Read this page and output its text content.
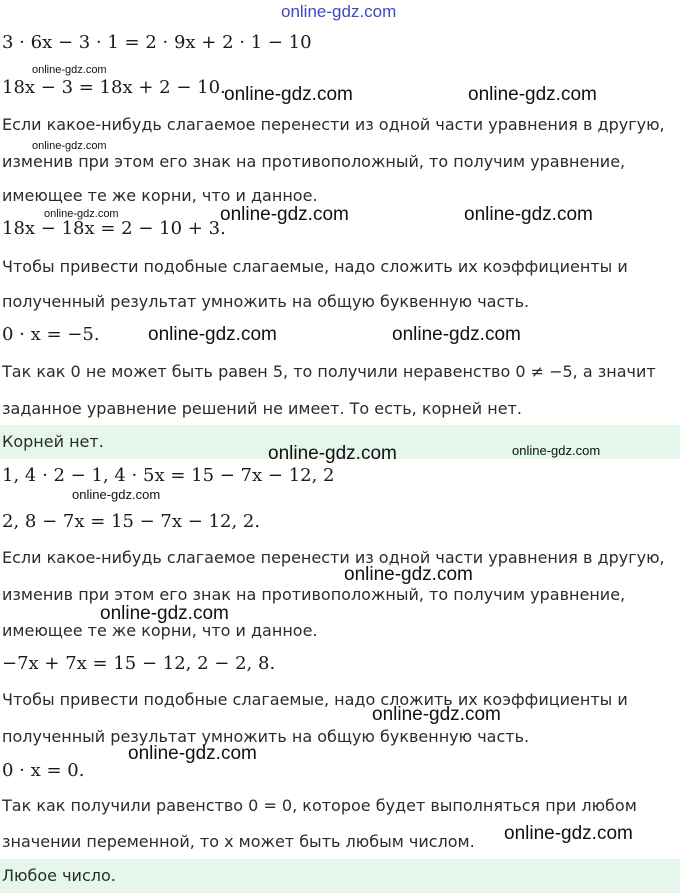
online-gdz.com
3 · 6x − 3 · 1 = 2 · 9x + 2 · 1 − 10
18x − 3 = 18x + 2 − 10.
Если какое-нибудь слагаемое перенести из одной части уравнения в другую,
изменив при этом его знак на противоположный, то получим уравнение,
имеющее те же корни, что и данное.
18x − 18x = 2 − 10 + 3.
Чтобы привести подобные слагаемые, надо сложить их коэффициенты и
полученный результат умножить на общую буквенную часть.
0 · x = −5.
Так как 0 не может быть равен 5, то получили неравенство 0 ≠ −5, а значит
заданное уравнение решений не имеет. То есть, корней нет.
Корней нет.
1, 4 · 2 − 1, 4 · 5x = 15 − 7x − 12, 2
2, 8 − 7x = 15 − 7x − 12, 2.
Если какое-нибудь слагаемое перенести из одной части уравнения в другую,
изменив при этом его знак на противоположный, то получим уравнение,
имеющее те же корни, что и данное.
−7x + 7x = 15 − 12, 2 − 2, 8.
Чтобы привести подобные слагаемые, надо сложить их коэффициенты и
полученный результат умножить на общую буквенную часть.
0 · x = 0.
Так как получили равенство 0 = 0, которое будет выполняться при любом
значении переменной, то x может быть любым числом.
Любое число.
online-gdz.com
online-gdz.com	online-gdz.com
online-gdz.com
online-gdz.com	online-gdz.com	online-gdz.com
online-gdz.com	online-gdz.com
online-gdz.com	online-gdz.com
online-gdz.com
online-gdz.com
online-gdz.com
online-gdz.com
online-gdz.com
online-gdz.com
